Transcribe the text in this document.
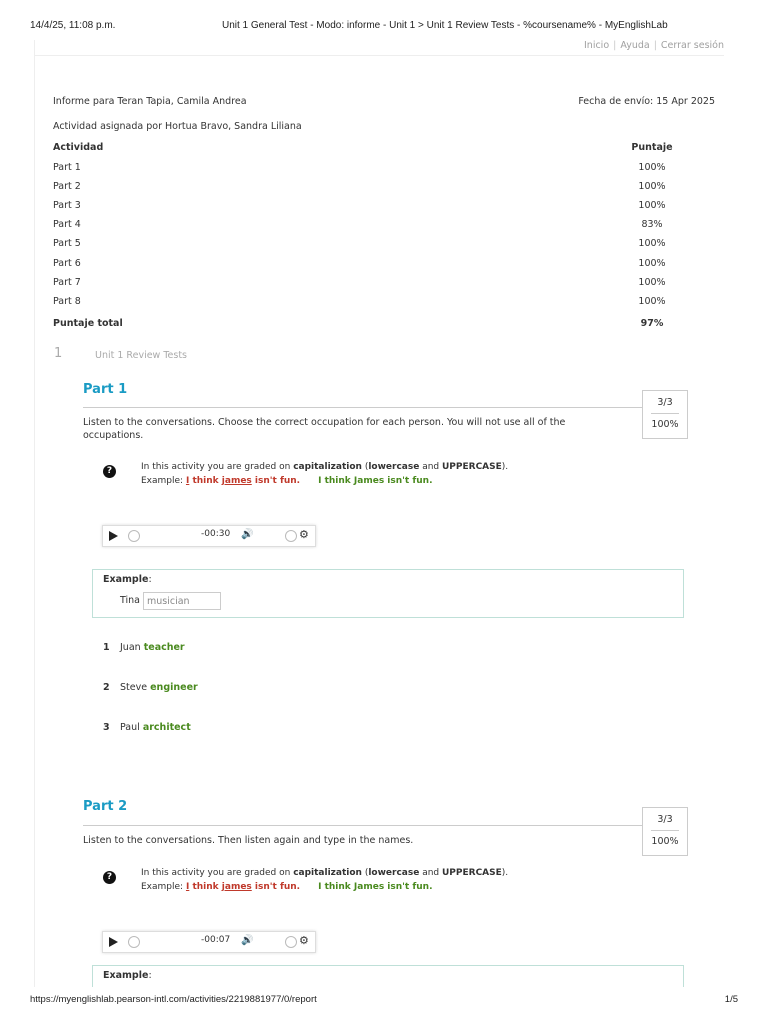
14/4/25, 11:08 p.m.	Unit 1 General Test - Modo: informe - Unit 1 > Unit 1 Review Tests - %coursename% - MyEnglishLab
Inicio | Ayuda | Cerrar sesión
Informe para Teran Tapia, Camila Andrea	Fecha de envío: 15 Apr 2025
Actividad asignada por Hortua Bravo, Sandra Liliana
Actividad	Puntaje
Part 1	100%
Part 2	100%
Part 3	100%
Part 4	83%
Part 5	100%
Part 6	100%
Part 7	100%
Part 8	100%
Puntaje total	97%
1	Unit 1 Review Tests
Part 1
3/3
100%
Listen to the conversations. Choose the correct occupation for each person. You will not use all of the occupations.
?	In this activity you are graded on capitalization (lowercase and UPPERCASE).
Example: I think james isn't fun. I think James isn't fun.
-00:30 🔊	⚙
Example:
Tina musician
1 Juan teacher
2 Steve engineer
3 Paul architect
Part 2
3/3
100%
Listen to the conversations. Then listen again and type in the names.
?	In this activity you are graded on capitalization (lowercase and UPPERCASE).
Example: I think james isn't fun. I think James isn't fun.
-00:07 🔊	⚙
Example:
https://myenglishlab.pearson-intl.com/activities/2219881977/0/report	1/5
